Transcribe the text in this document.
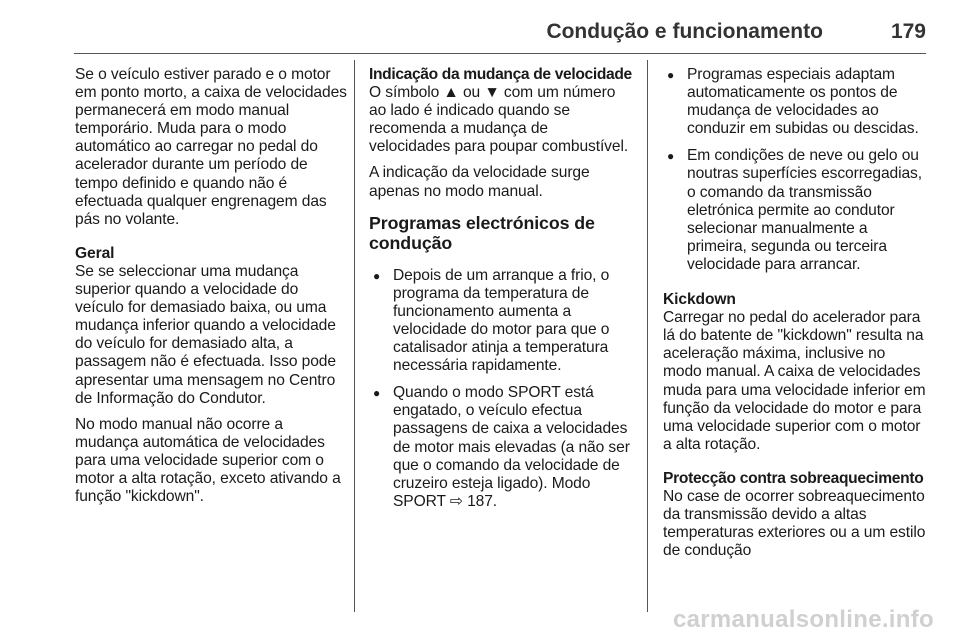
Condução e funcionamento	179

Se o veículo estiver parado e o motor em ponto morto, a caixa de velocidades permanecerá em modo manual temporário. Muda para o modo automático ao carregar no pedal do acelerador durante um período de tempo definido e quando não é efectuada qualquer engrenagem das pás no volante.

Geral

Se se seleccionar uma mudança superior quando a velocidade do veículo for demasiado baixa, ou uma mudança inferior quando a velocidade do veículo for demasiado alta, a passagem não é efectuada. Isso pode apresentar uma mensagem no Centro de Informação do Condutor.

No modo manual não ocorre a mudança automática de velocidades para uma velocidade superior com o motor a alta rotação, exceto ativando a função "kickdown".

Indicação da mudança de velocidade

O símbolo ▲ ou ▼ com um número ao lado é indicado quando se recomenda a mudança de velocidades para poupar combustível.

A indicação da velocidade surge apenas no modo manual.

Programas electrónicos de condução
● Depois de um arranque a frio, o programa da temperatura de funcionamento aumenta a velocidade do motor para que o catalisador atinja a temperatura necessária rapidamente.
● Quando o modo SPORT está engatado, o veículo efectua passagens de caixa a velocidades de motor mais elevadas (a não ser que o comando da velocidade de cruzeiro esteja ligado). Modo SPORT ⇨ 187.
● Programas especiais adaptam automaticamente os pontos de mudança de velocidades ao conduzir em subidas ou descidas.
● Em condições de neve ou gelo ou noutras superfícies escorregadias, o comando da transmissão eletrónica permite ao condutor selecionar manualmente a primeira, segunda ou terceira velocidade para arrancar.

Kickdown

Carregar no pedal do acelerador para lá do batente de "kickdown" resulta na aceleração máxima, inclusive no modo manual. A caixa de velocidades muda para uma velocidade inferior em função da velocidade do motor e para uma velocidade superior com o motor a alta rotação.

Protecção contra sobreaquecimento

No case de ocorrer sobreaquecimento da transmissão devido a altas temperaturas exteriores ou a um estilo de condução

carmanualsonline.info
